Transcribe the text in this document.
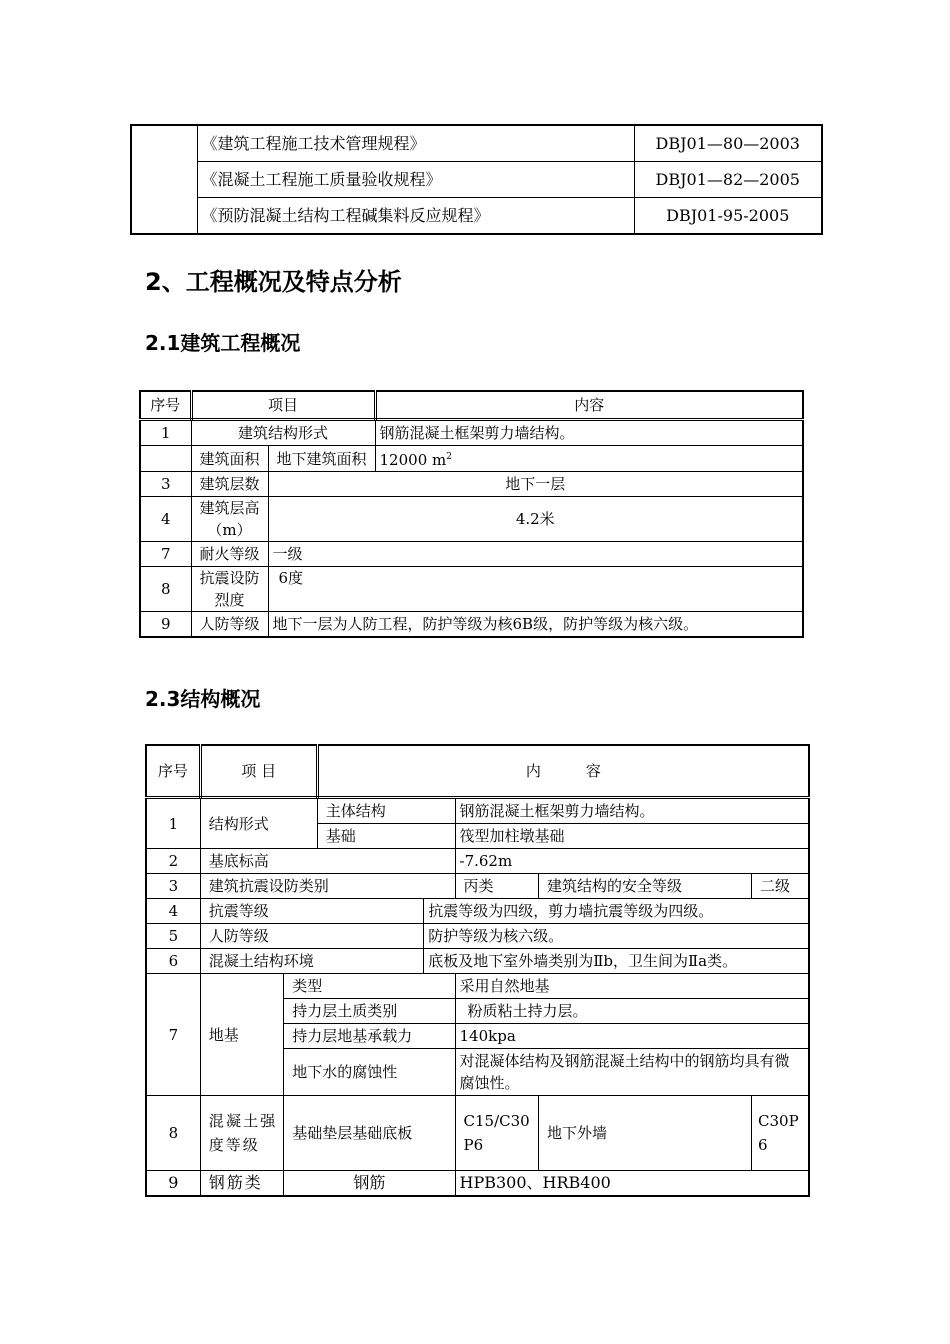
	《建筑工程施工技术管理规程》	DBJ01—80—2003
	《混凝土工程施工质量验收规程》	DBJ01—82—2005
	《预防混凝土结构工程碱集料反应规程》	DBJ01-95-2005
2、工程概况及特点分析
2.1建筑工程概况
序号	项目		内容
1	建筑结构形式		钢筋混凝土框架剪力墙结构。
	建筑面积	地下建筑面积	12000 $m^2$
3	建筑层数	地下一层	
4	建筑层高（m）	4.2米	
7	耐火等级	一级	
8	抗震设防烈度	6度	
9	人防等级	地下一层为人防工程，防护等级为核6B级，防护等级为核六级。	
2.3结构概况
序号	项 目		内　　　容				
1	结构形式		主体结构		钢筋混凝土框架剪力墙结构。		
			基础		筏型加柱墩基础		
2	基底标高				-7.62m		
3	建筑抗震设防类别				丙类	建筑结构的安全等级	二级
4	抗震等级			抗震等级为四级，剪力墙抗震等级为四级。			
5	人防等级			防护等级为核六级。			
6	混凝土结构环境			底板及地下室外墙类别为Ⅱb，卫生间为Ⅱa类。			
7	地基	类型			采用自然地基		
		持力层土质类别			粉质粘土持力层。		
		持力层地基承载力			140kpa		
		地下水的腐蚀性			对混凝体结构及钢筋混凝土结构中的钢筋均具有微腐蚀性。		
8	混凝土强度等级	基础垫层基础底板			C15/C30P6	地下外墙	C30P6
9	钢筋类	钢筋			HPB300、HRB400		
